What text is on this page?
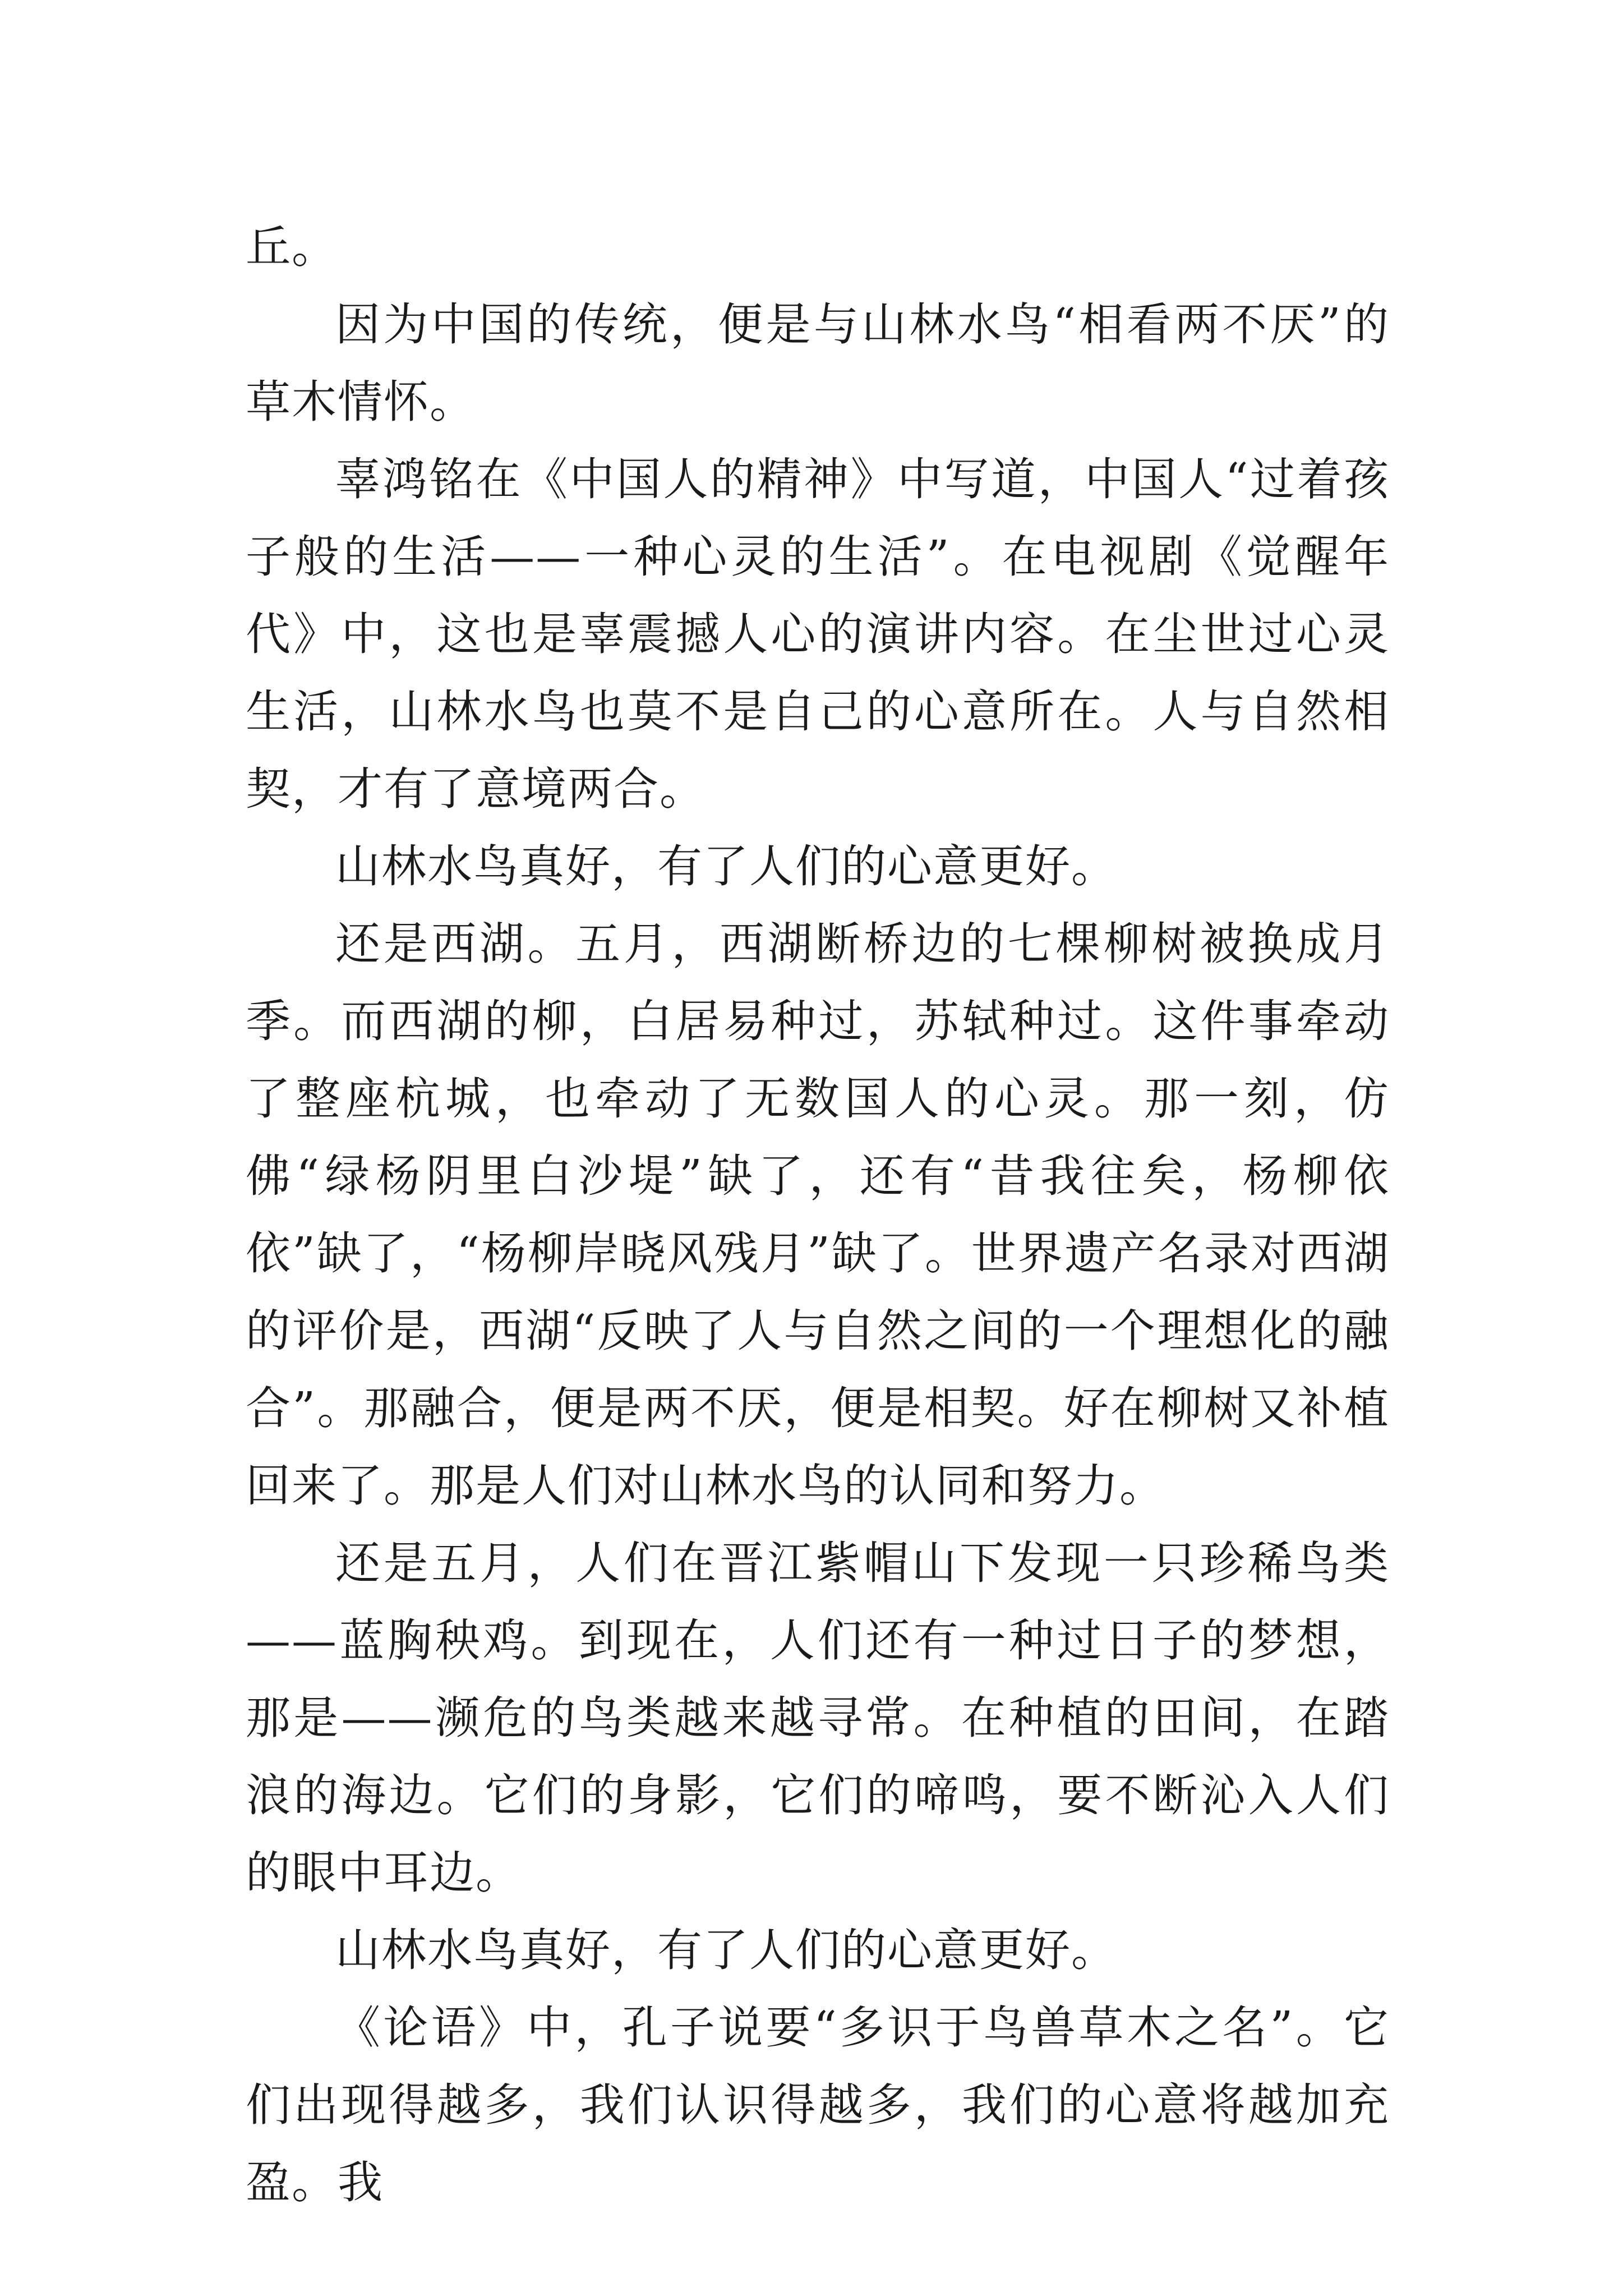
丘。

因为中国的传统，便是与山林水鸟“相看两不厌”的草木情怀。

辜鸿铭在《中国人的精神》中写道，中国人“过着孩子般的生活——一种心灵的生活”。在电视剧《觉醒年代》中，这也是辜震撼人心的演讲内容。在尘世过心灵生活，山林水鸟也莫不是自己的心意所在。人与自然相契，才有了意境两合。

山林水鸟真好，有了人们的心意更好。

还是西湖。五月，西湖断桥边的七棵柳树被换成月季。而西湖的柳，白居易种过，苏轼种过。这件事牵动了整座杭城，也牵动了无数国人的心灵。那一刻，仿佛“绿杨阴里白沙堤”缺了，还有“昔我往矣，杨柳依依”缺了，“杨柳岸晓风残月”缺了。世界遗产名录对西湖的评价是，西湖“反映了人与自然之间的一个理想化的融合”。那融合，便是两不厌，便是相契。好在柳树又补植回来了。那是人们对山林水鸟的认同和努力。

还是五月，人们在晋江紫帽山下发现一只珍稀鸟类——蓝胸秧鸡。到现在，人们还有一种过日子的梦想，那是——濒危的鸟类越来越寻常。在种植的田间，在踏浪的海边。它们的身影，它们的啼鸣，要不断沁入人们的眼中耳边。

山林水鸟真好，有了人们的心意更好。

《论语》中，孔子说要“多识于鸟兽草木之名”。它们出现得越多，我们认识得越多，我们的心意将越加充盈。我
